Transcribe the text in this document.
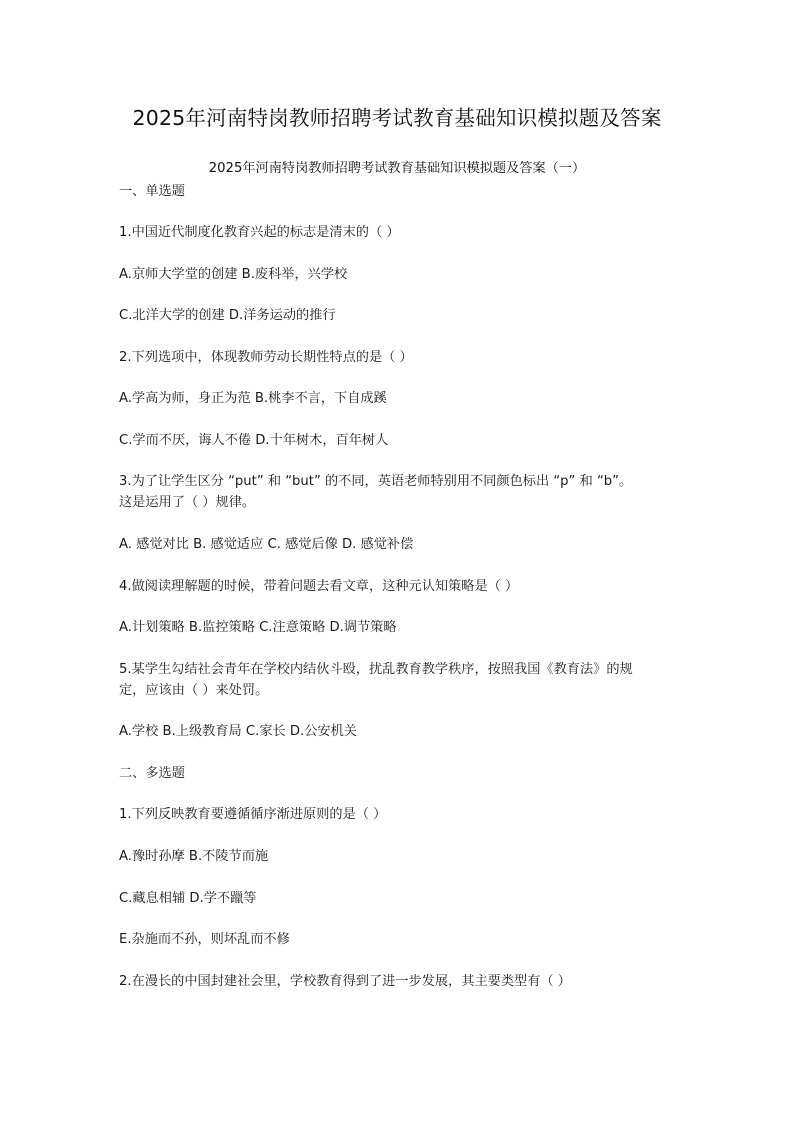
2025年河南特岗教师招聘考试教育基础知识模拟题及答案
2025年河南特岗教师招聘考试教育基础知识模拟题及答案（一）
一、单选题
1.中国近代制度化教育兴起的标志是清末的（ ）
A.京师大学堂的创建 B.废科举，兴学校
C.北洋大学的创建 D.洋务运动的推行
2.下列选项中，体现教师劳动长期性特点的是（ ）
A.学高为师，身正为范 B.桃李不言，下自成蹊
C.学而不厌，诲人不倦 D.十年树木，百年树人
3.为了让学生区分 “put” 和 “but” 的不同，英语老师特别用不同颜色标出 “p” 和 “b”。
这是运用了（ ）规律。
A. 感觉对比 B. 感觉适应 C. 感觉后像 D. 感觉补偿
4.做阅读理解题的时候，带着问题去看文章，这种元认知策略是（ ）
A.计划策略 B.监控策略 C.注意策略 D.调节策略
5.某学生勾结社会青年在学校内结伙斗殴，扰乱教育教学秩序，按照我国《教育法》的规
定，应该由（ ）来处罚。
A.学校 B.上级教育局 C.家长 D.公安机关
二、多选题
1.下列反映教育要遵循循序渐进原则的是（ ）
A.豫时孙摩 B.不陵节而施
C.藏息相辅 D.学不躐等
E.杂施而不孙，则坏乱而不修
2.在漫长的中国封建社会里，学校教育得到了进一步发展，其主要类型有（ ）
